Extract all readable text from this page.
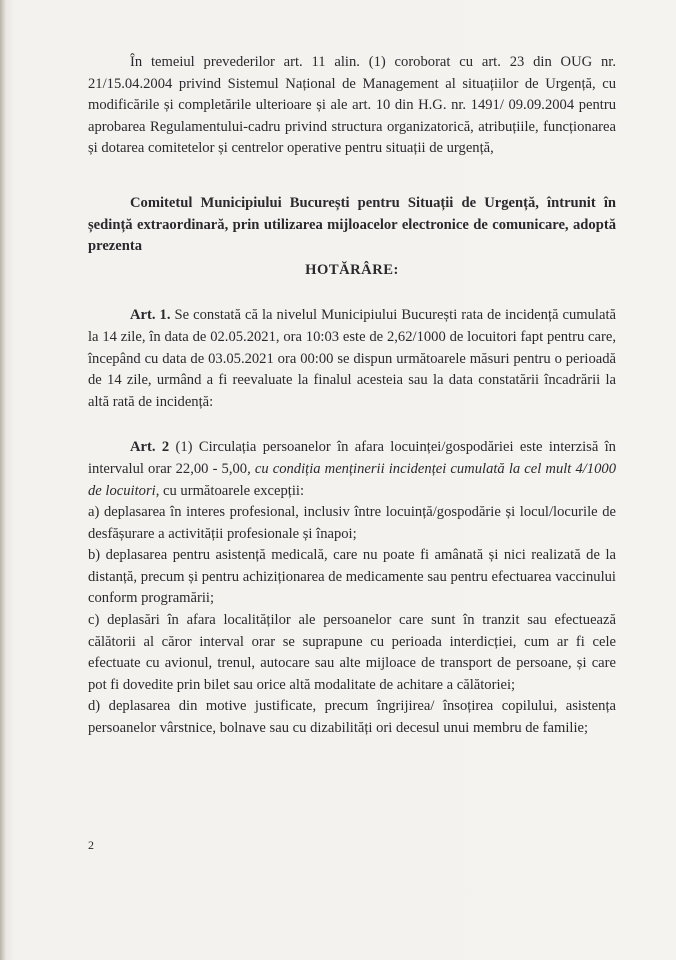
În temeiul prevederilor art. 11 alin. (1) coroborat cu art. 23 din OUG nr. 21/15.04.2004 privind Sistemul Național de Management al situațiilor de Urgență, cu modificările și completările ulterioare și ale art. 10 din H.G. nr. 1491/ 09.09.2004 pentru aprobarea Regulamentului-cadru privind structura organizatorică, atribuțiile, funcționarea și dotarea comitetelor și centrelor operative pentru situații de urgență,

Comitetul Municipiului București pentru Situații de Urgență, întrunit în ședință extraordinară, prin utilizarea mijloacelor electronice de comunicare, adoptă prezenta

HOTĂRÂRE:

Art. 1. Se constată că la nivelul Municipiului București rata de incidență cumulată la 14 zile, în data de 02.05.2021, ora 10:03 este de 2,62/1000 de locuitori fapt pentru care, începând cu data de 03.05.2021 ora 00:00 se dispun următoarele măsuri pentru o perioadă de 14 zile, urmând a fi reevaluate la finalul acesteia sau la data constatării încadrării la altă rată de incidență:

Art. 2 (1) Circulația persoanelor în afara locuinței/gospodăriei este interzisă în intervalul orar 22,00 - 5,00, cu condiția menținerii incidenței cumulată la cel mult 4/1000 de locuitori, cu următoarele excepții:

a) deplasarea în interes profesional, inclusiv între locuință/gospodărie și locul/locurile de desfășurare a activității profesionale și înapoi;

b) deplasarea pentru asistență medicală, care nu poate fi amânată și nici realizată de la distanță, precum și pentru achiziționarea de medicamente sau pentru efectuarea vaccinului conform programării;

c) deplasări în afara localităților ale persoanelor care sunt în tranzit sau efectuează călătorii al căror interval orar se suprapune cu perioada interdicției, cum ar fi cele efectuate cu avionul, trenul, autocare sau alte mijloace de transport de persoane, și care pot fi dovedite prin bilet sau orice altă modalitate de achitare a călătoriei;

d) deplasarea din motive justificate, precum îngrijirea/ însoțirea copilului, asistența persoanelor vârstnice, bolnave sau cu dizabilități ori decesul unui membru de familie;

2
